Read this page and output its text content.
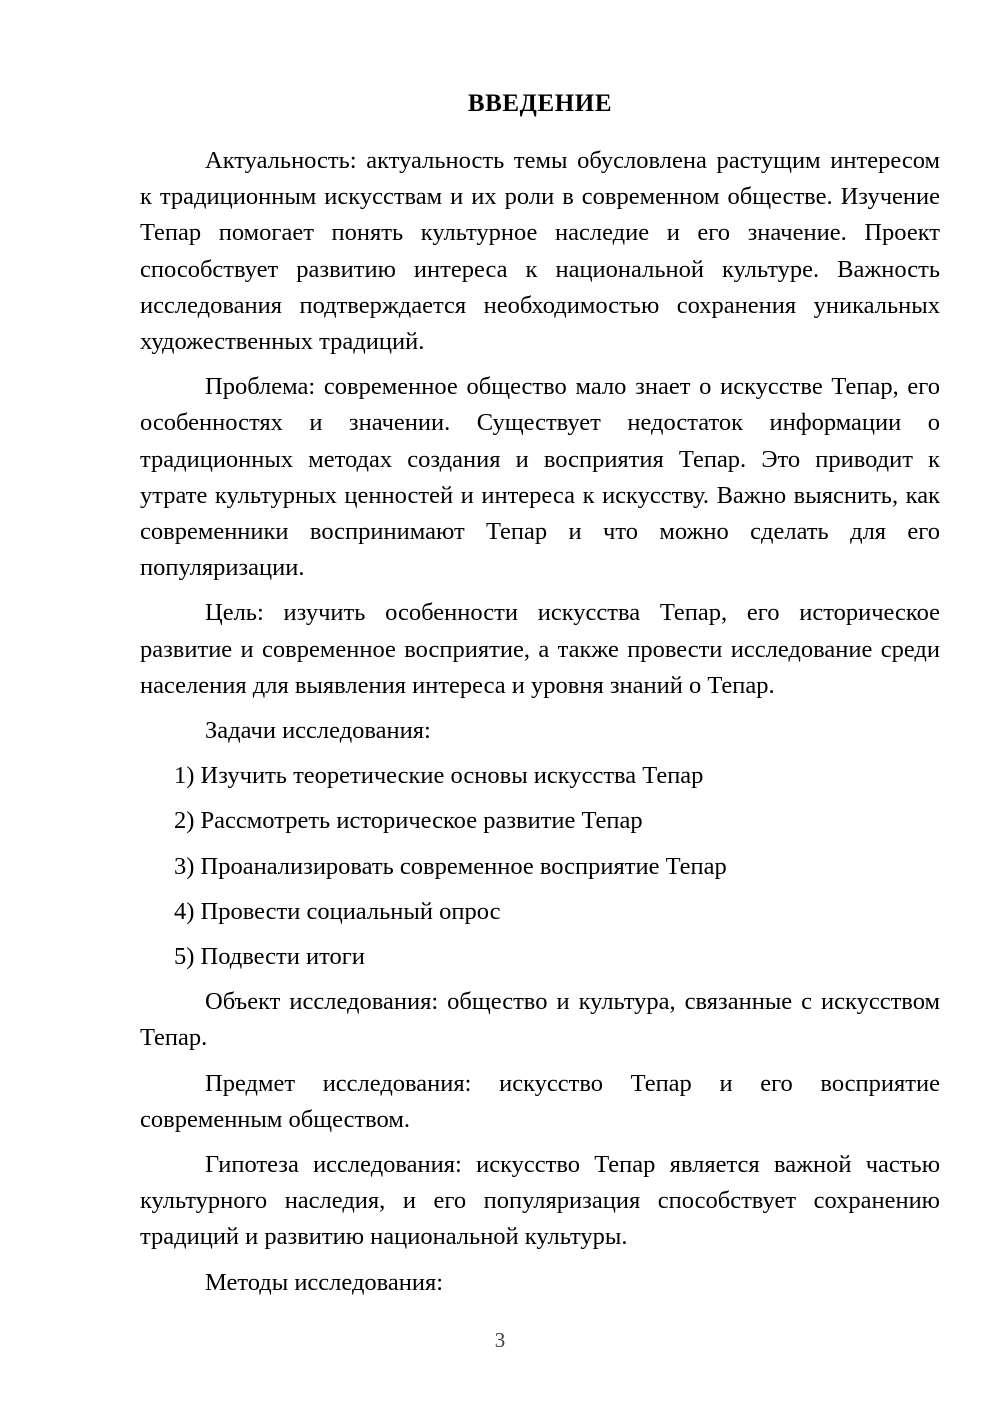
ВВЕДЕНИЕ

Актуальность: актуальность темы обусловлена растущим интересом к традиционным искусствам и их роли в современном обществе. Изучение Тепар помогает понять культурное наследие и его значение. Проект способствует развитию интереса к национальной культуре. Важность исследования подтверждается необходимостью сохранения уникальных художественных традиций.

Проблема: современное общество мало знает о искусстве Тепар, его особенностях и значении. Существует недостаток информации о традиционных методах создания и восприятия Тепар. Это приводит к утрате культурных ценностей и интереса к искусству. Важно выяснить, как современники воспринимают Тепар и что можно сделать для его популяризации.

Цель: изучить особенности искусства Тепар, его историческое развитие и современное восприятие, а также провести исследование среди населения для выявления интереса и уровня знаний о Тепар.

Задачи исследования:

1) Изучить теоретические основы искусства Тепар
2) Рассмотреть историческое развитие Тепар
3) Проанализировать современное восприятие Тепар
4) Провести социальный опрос
5) Подвести итоги

Объект исследования: общество и культура, связанные с искусством Тепар.

Предмет исследования: искусство Тепар и его восприятие современным обществом.

Гипотеза исследования: искусство Тепар является важной частью культурного наследия, и его популяризация способствует сохранению традиций и развитию национальной культуры.

Методы исследования:

3
